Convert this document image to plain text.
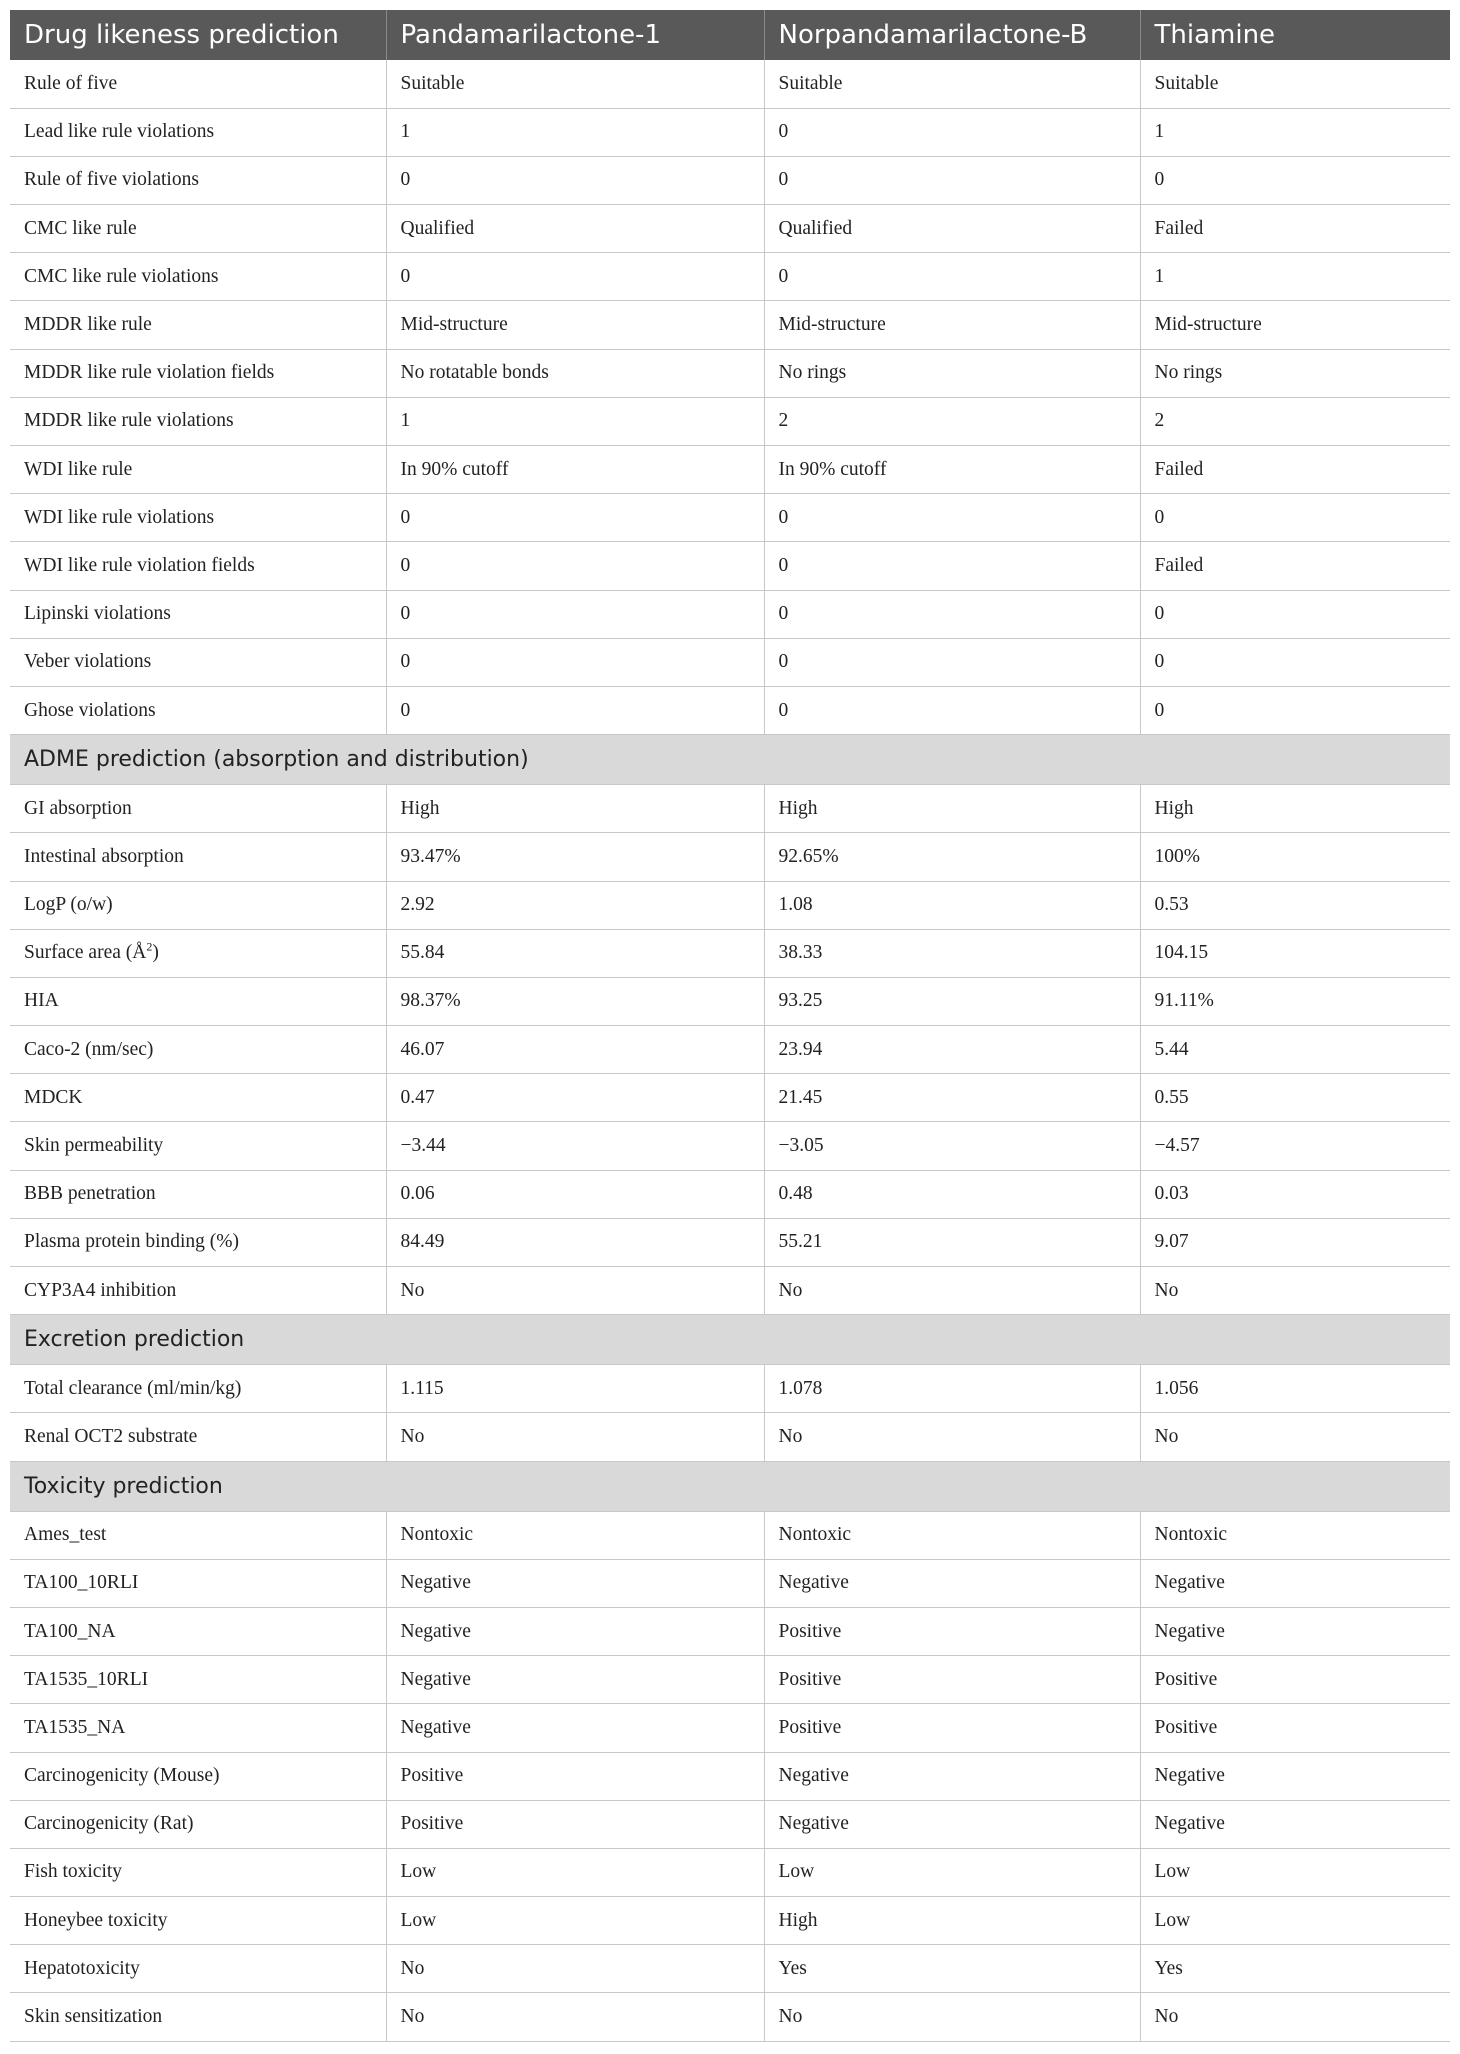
Drug likeness prediction	Pandamarilactone-1	Norpandamarilactone-B	Thiamine
Rule of five	Suitable	Suitable	Suitable
Lead like rule violations	1	0	1
Rule of five violations	0	0	0
CMC like rule	Qualified	Qualified	Failed
CMC like rule violations	0	0	1
MDDR like rule	Mid-structure	Mid-structure	Mid-structure
MDDR like rule violation fields	No rotatable bonds	No rings	No rings
MDDR like rule violations	1	2	2
WDI like rule	In 90% cutoff	In 90% cutoff	Failed
WDI like rule violations	0	0	0
WDI like rule violation fields	0	0	Failed
Lipinski violations	0	0	0
Veber violations	0	0	0
Ghose violations	0	0	0
ADME prediction (absorption and distribution)			
GI absorption	High	High	High
Intestinal absorption	93.47%	92.65%	100%
LogP (o/w)	2.92	1.08	0.53
Surface area $(Å^2)$	55.84	38.33	104.15
HIA	98.37%	93.25	91.11%
Caco-2 (nm/sec)	46.07	23.94	5.44
MDCK	0.47	21.45	0.55
Skin permeability	−3.44	−3.05	−4.57
BBB penetration	0.06	0.48	0.03
Plasma protein binding (%)	84.49	55.21	9.07
CYP3A4 inhibition	No	No	No
Excretion prediction			
Total clearance (ml/min/kg)	1.115	1.078	1.056
Renal OCT2 substrate	No	No	No
Toxicity prediction			
Ames_test	Nontoxic	Nontoxic	Nontoxic
TA100_10RLI	Negative	Negative	Negative
TA100_NA	Negative	Positive	Negative
TA1535_10RLI	Negative	Positive	Positive
TA1535_NA	Negative	Positive	Positive
Carcinogenicity (Mouse)	Positive	Negative	Negative
Carcinogenicity (Rat)	Positive	Negative	Negative
Fish toxicity	Low	Low	Low
Honeybee toxicity	Low	High	Low
Hepatotoxicity	No	Yes	Yes
Skin sensitization	No	No	No
